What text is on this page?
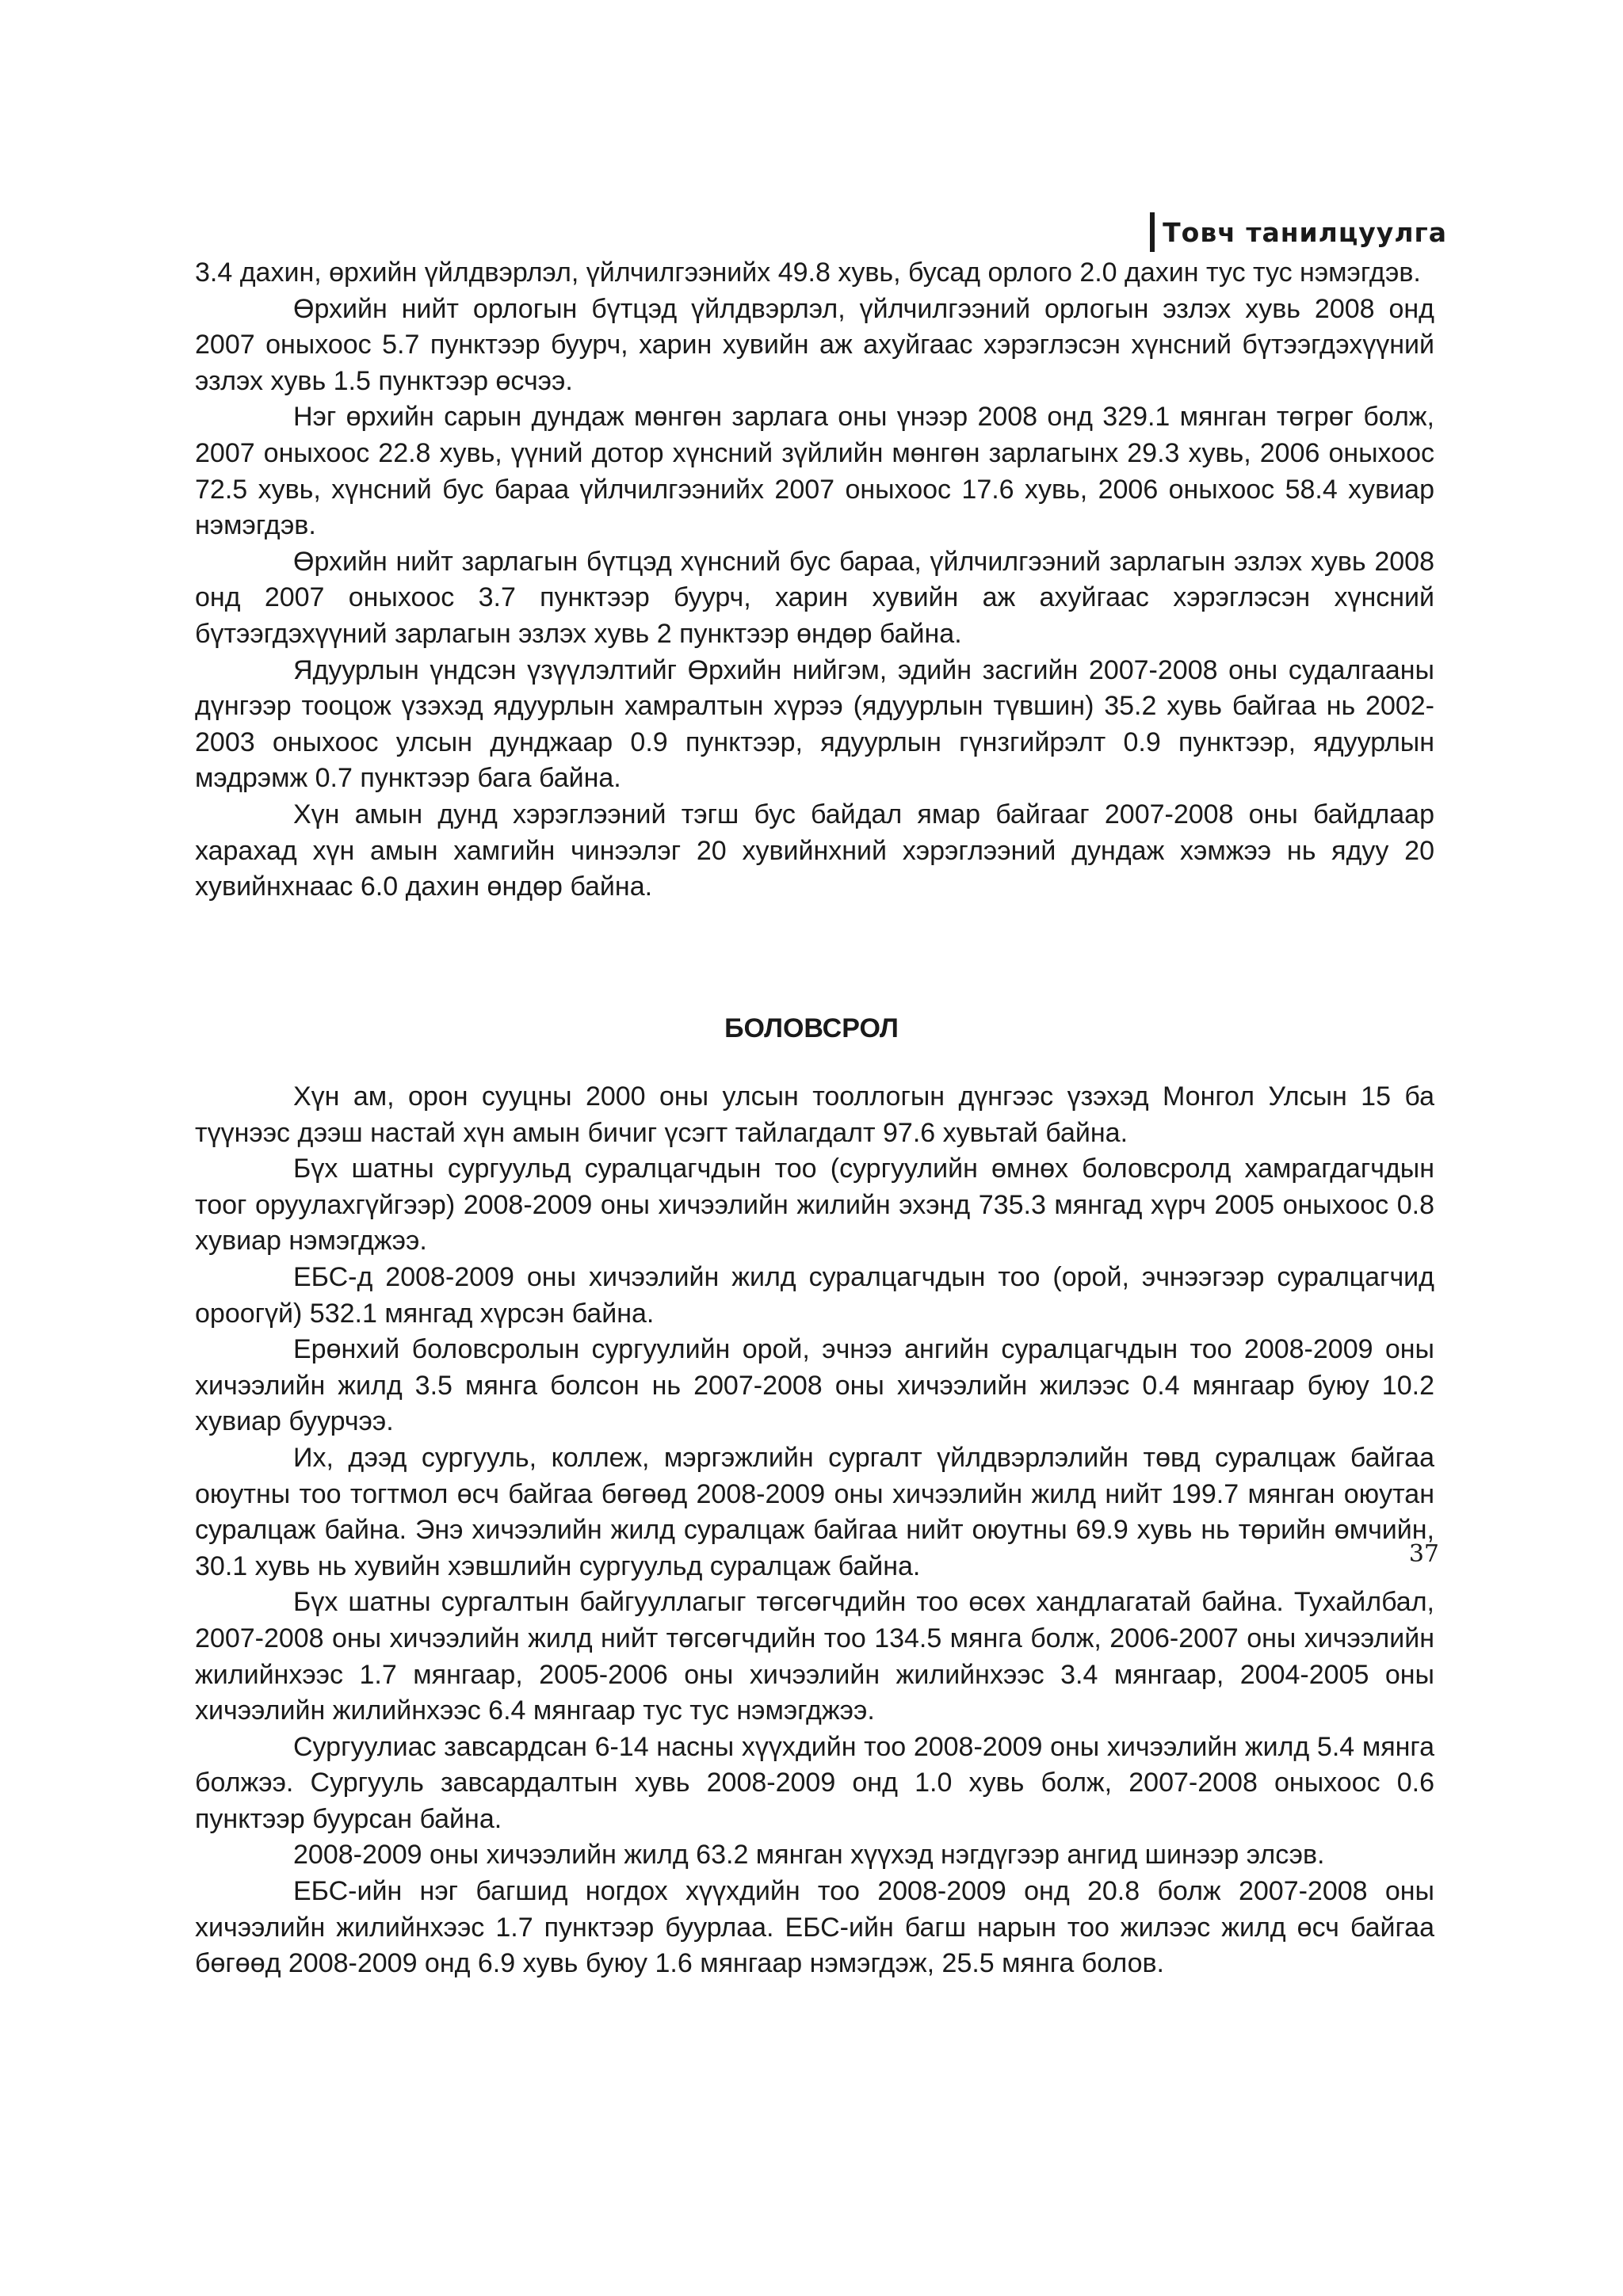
Товч танилцуулга

3.4 дахин, өрхийн үйлдвэрлэл, үйлчилгээнийх 49.8 хувь, бусад орлого 2.0 дахин тус тус нэмэгдэв.

Өрхийн нийт орлогын бүтцэд үйлдвэрлэл, үйлчилгээний орлогын эзлэх хувь 2008 онд 2007 оныхоос 5.7 пунктээр буурч, харин хувийн аж ахуйгаас хэрэглэсэн хүнсний бүтээгдэхүүний эзлэх хувь 1.5 пунктээр өсчээ.

Нэг өрхийн сарын дундаж мөнгөн зарлага оны үнээр 2008 онд 329.1 мянган төгрөг болж, 2007 оныхоос 22.8 хувь, үүний дотор хүнсний зүйлийн мөнгөн зарлагынх 29.3 хувь, 2006 оныхоос 72.5 хувь, хүнсний бус бараа үйлчилгээнийх 2007 оныхоос 17.6 хувь, 2006 оныхоос 58.4 хувиар нэмэгдэв.

Өрхийн нийт зарлагын бүтцэд хүнсний бус бараа, үйлчилгээний зарлагын эзлэх хувь 2008 онд 2007 оныхоос 3.7 пунктээр буурч, харин хувийн аж ахуйгаас хэрэглэсэн хүнсний бүтээгдэхүүний зарлагын эзлэх хувь 2 пунктээр өндөр байна.

Ядуурлын үндсэн үзүүлэлтийг Өрхийн нийгэм, эдийн засгийн 2007-2008 оны судалгааны дүнгээр тооцож үзэхэд ядуурлын хамралтын хүрээ (ядуурлын түвшин) 35.2 хувь байгаа нь 2002-2003 оныхоос улсын дунджаар 0.9 пунктээр, ядуурлын гүнзгийрэлт 0.9 пунктээр, ядуурлын мэдрэмж 0.7 пунктээр бага байна.

Хүн амын дунд хэрэглээний тэгш бус байдал ямар байгааг 2007-2008 оны байдлаар харахад хүн амын хамгийн чинээлэг 20 хувийнхний хэрэглээний дундаж хэмжээ нь ядуу 20 хувийнхнаас 6.0 дахин өндөр байна.

БОЛОВСРОЛ

Хүн ам, орон сууцны 2000 оны улсын тооллогын дүнгээс үзэхэд Монгол Улсын 15 ба түүнээс дээш настай хүн амын бичиг үсэгт тайлагдалт 97.6 хувьтай байна.

Бүх шатны сургуульд суралцагчдын тоо (сургуулийн өмнөх боловсролд хамрагдагчдын тоог оруулахгүйгээр) 2008-2009 оны хичээлийн жилийн эхэнд 735.3 мянгад хүрч 2005 оныхоос 0.8 хувиар нэмэгджээ.

ЕБС-д 2008-2009 оны хичээлийн жилд суралцагчдын тоо (орой, эчнээгээр суралцагчид ороогүй) 532.1 мянгад хүрсэн байна.

Ерөнхий боловсролын сургуулийн орой, эчнээ ангийн суралцагчдын тоо 2008-2009 оны хичээлийн жилд 3.5 мянга болсон нь 2007-2008 оны хичээлийн жилээс 0.4 мянгаар буюу 10.2 хувиар буурчээ.

Их, дээд сургууль, коллеж, мэргэжлийн сургалт үйлдвэрлэлийн төвд суралцаж байгаа оюутны тоо тогтмол өсч байгаа бөгөөд 2008-2009 оны хичээлийн жилд нийт 199.7 мянган оюутан суралцаж байна. Энэ хичээлийн жилд суралцаж байгаа нийт оюутны 69.9 хувь нь төрийн өмчийн, 30.1 хувь нь хувийн хэвшлийн сургуульд суралцаж байна.

Бүх шатны сургалтын байгууллагыг төгсөгчдийн тоо өсөх хандлагатай байна. Тухайлбал, 2007-2008 оны хичээлийн жилд нийт төгсөгчдийн тоо 134.5 мянга болж, 2006-2007 оны хичээлийн жилийнхээс 1.7 мянгаар, 2005-2006 оны хичээлийн жилийнхээс 3.4 мянгаар, 2004-2005 оны хичээлийн жилийнхээс 6.4 мянгаар тус тус нэмэгджээ.

Сургуулиас завсардсан 6-14 насны хүүхдийн тоо 2008-2009 оны хичээлийн жилд 5.4 мянга болжээ. Сургууль завсардалтын хувь 2008-2009 онд 1.0 хувь болж, 2007-2008 оныхоос 0.6 пунктээр буурсан байна.

2008-2009 оны хичээлийн жилд 63.2 мянган хүүхэд нэгдүгээр ангид шинээр элсэв.

ЕБС-ийн нэг багшид ногдох хүүхдийн тоо 2008-2009 онд 20.8 болж 2007-2008 оны хичээлийн жилийнхээс 1.7 пунктээр буурлаа. ЕБС-ийн багш нарын тоо жилээс жилд өсч байгаа бөгөөд 2008-2009 онд 6.9 хувь буюу 1.6 мянгаар нэмэгдэж, 25.5 мянга болов.

37
